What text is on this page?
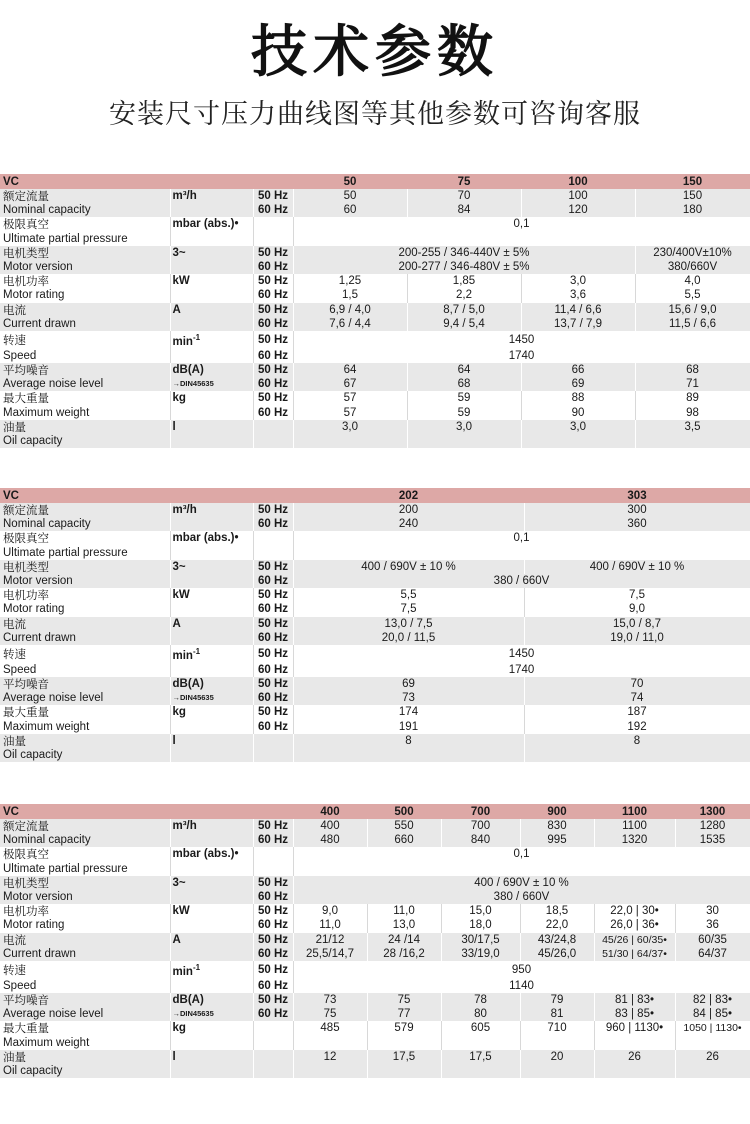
技术参数
安装尺寸压力曲线图等其他参数可咨询客服
VC			50	75	100	150
额定流量	m³/h	50 Hz	50	70	100	150
Nominal capacity		60 Hz	60	84	120	180
极限真空	mbar (abs.)•		0,1			
Ultimate partial pressure						
电机类型	3~	50 Hz	200-255 / 346-440V ± 5%			230/400V±10%
Motor version		60 Hz	200-277 / 346-480V ± 5%			380/660V
电机功率	kW	50 Hz	1,25	1,85	3,0	4,0
Motor rating		60 Hz	1,5	2,2	3,6	5,5
电流	A	50 Hz	6,9 / 4,0	8,7 / 5,0	11,4 / 6,6	15,6 / 9,0
Current drawn		60 Hz	7,6 / 4,4	9,4 / 5,4	13,7 / 7,9	11,5 / 6,6
转速	$\min^{-1}$	50 Hz	1450			
Speed		60 Hz	1740			
平均噪音	dB(A)	50 Hz	64	64	66	68
Average noise level	→DIN45635	60 Hz	67	68	69	71
最大重量	kg	50 Hz	57	59	88	89
Maximum weight		60 Hz	57	59	90	98
油量	l		3,0	3,0	3,0	3,5
Oil capacity						
VC			202	303
额定流量	m³/h	50 Hz	200	300
Nominal capacity		60 Hz	240	360
极限真空	mbar (abs.)•		0,1	
Ultimate partial pressure				
电机类型	3~	50 Hz	400 / 690V ± 10 %	400 / 690V ± 10 %
Motor version		60 Hz	380 / 660V	
电机功率	kW	50 Hz	5,5	7,5
Motor rating		60 Hz	7,5	9,0
电流	A	50 Hz	13,0 / 7,5	15,0 / 8,7
Current drawn		60 Hz	20,0 / 11,5	19,0 / 11,0
转速	$\min^{-1}$	50 Hz	1450	
Speed		60 Hz	1740	
平均噪音	dB(A)	50 Hz	69	70
Average noise level	→DIN45635	60 Hz	73	74
最大重量	kg	50 Hz	174	187
Maximum weight		60 Hz	191	192
油量	l		8	8
Oil capacity				
VC			400	500	700	900	1100	1300
额定流量	m³/h	50 Hz	400	550	700	830	1100	1280
Nominal capacity		60 Hz	480	660	840	995	1320	1535
极限真空	mbar (abs.)•		0,1					
Ultimate partial pressure								
电机类型	3~	50 Hz	400 / 690V ± 10 %					
Motor version		60 Hz	380 / 660V					
电机功率	kW	50 Hz	9,0	11,0	15,0	18,5	22,0 | 30•	30
Motor rating		60 Hz	11,0	13,0	18,0	22,0	26,0 | 36•	36
电流	A	50 Hz	21/12	24 /14	30/17,5	43/24,8	45/26 | 60/35•	60/35
Current drawn		60 Hz	25,5/14,7	28 /16,2	33/19,0	45/26,0	51/30 | 64/37•	64/37
转速	$\min^{-1}$	50 Hz	950					
Speed		60 Hz	1140					
平均噪音	dB(A)	50 Hz	73	75	78	79	81 | 83•	82 | 83•
Average noise level	→DIN45635	60 Hz	75	77	80	81	83 | 85•	84 | 85•
最大重量	kg		485	579	605	710	960 | 1130•	1050 | 1130•
Maximum weight								
油量	l		12	17,5	17,5	20	26	26
Oil capacity								
